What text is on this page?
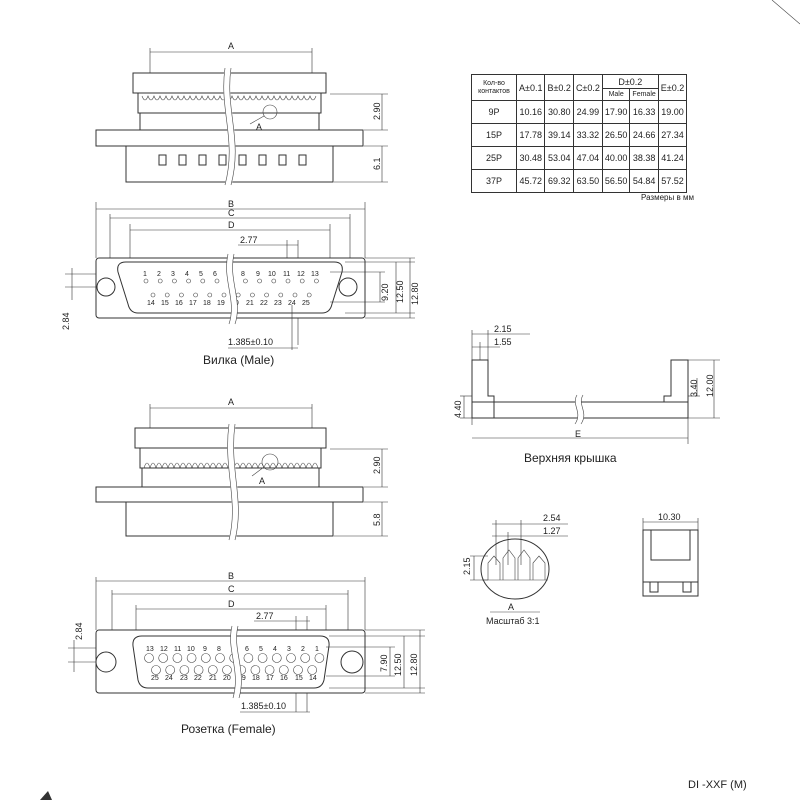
A
A
2.90
6.1
B
C
D
2.77
1 2 3 4 5 6 7 8 9 10 11 12 13
14 15 16 17 18 19 20 21 22 23 24 25
9.20 12.50 12.80
2.84
1.385±0.10
Вилка (Male)
A
A
2.90
5.8
B
C
D
2.77
13 12 11 10 9 8 7 6 5 4 3 2 1
25 24 23 22 21 20 19 18 17 16 15 14
7.90 12.50 12.80
2.84
1.385±0.10
Розетка (Female)
2.15
1.55
4.40
3.40 12.00
E
Верхняя крышка
2.54
1.27
2.15
A
Масштаб 3:1
10.30
Кол-во контактов	A±0.1	B±0.2	C±0.2	D±0.2		E±0.2
				Male	Female	
9P	10.16	30.80	24.99	17.90	16.33	19.00
15P	17.78	39.14	33.32	26.50	24.66	27.34
25P	30.48	53.04	47.04	40.00	38.38	41.24
37P	45.72	69.32	63.50	56.50	54.84	57.52
Размеры в мм
DI -XXF (M)
